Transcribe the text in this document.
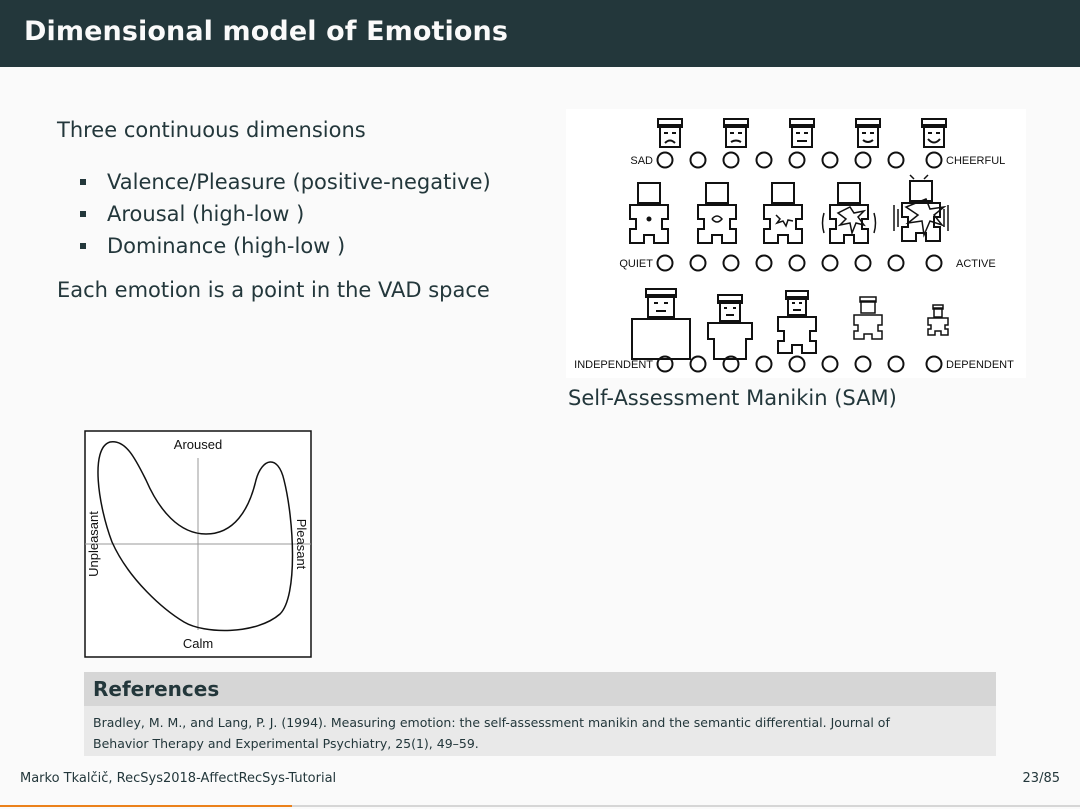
Dimensional model of Emotions
Three continuous dimensions
Valence/Pleasure (positive-negative)
Arousal (high-low )
Dominance (high-low )
Each emotion is a point in the VAD space
SAD	CHEERFUL
QUIET	ACTIVE
INDEPENDENT	DEPENDENT
Self-Assessment Manikin (SAM)
Aroused
Calm
Unpleasant	Pleasant
References
Bradley, M. M., and Lang, P. J. (1994). Measuring emotion: the self-assessment manikin and the semantic differential. Journal of
Behavior Therapy and Experimental Psychiatry, 25(1), 49–59.
Marko Tkalčič, RecSys2018-AffectRecSys-Tutorial	23/85
